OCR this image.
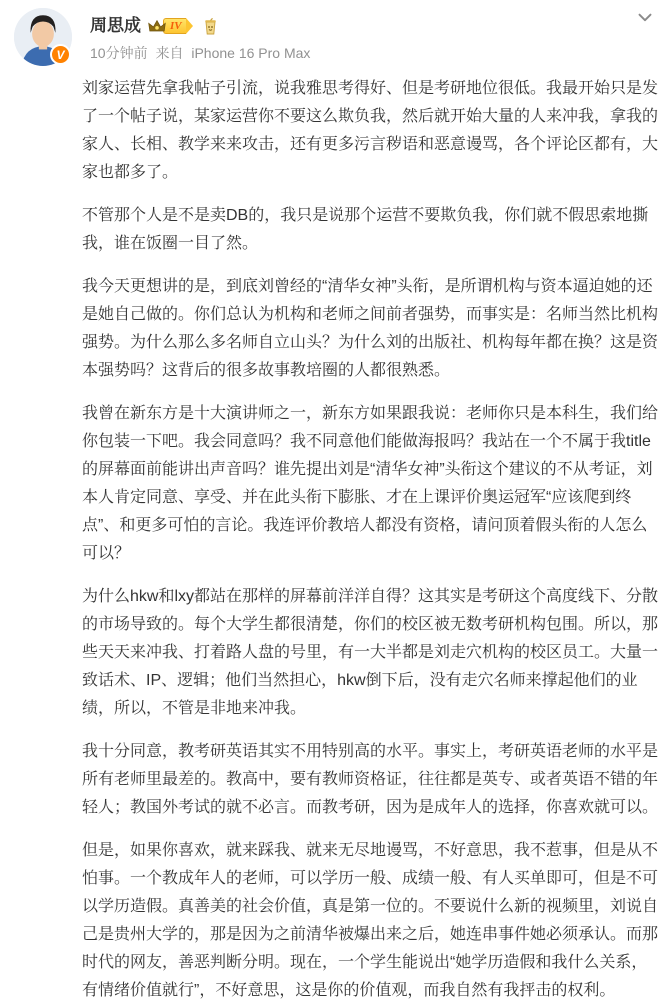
V
周思成	IV
10分钟前 来自 iPhone 16 Pro Max

刘家运营先拿我帖子引流，说我雅思考得好、但是考研地位很低。我最开始只是发了一个帖子说，某家运营你不要这么欺负我，然后就开始大量的人来冲我，拿我的家人、长相、教学来来攻击，还有更多污言秽语和恶意谩骂，各个评论区都有，大家也都多了。

不管那个人是不是卖DB的，我只是说那个运营不要欺负我，你们就不假思索地撕我，谁在饭圈一目了然。

我今天更想讲的是，到底刘曾经的“清华女神”头衔，是所谓机构与资本逼迫她的还是她自己做的。你们总认为机构和老师之间前者强势，而事实是：名师当然比机构强势。为什么那么多名师自立山头？为什么刘的出版社、机构每年都在换？这是资本强势吗？这背后的很多故事教培圈的人都很熟悉。

我曾在新东方是十大演讲师之一，新东方如果跟我说：老师你只是本科生，我们给你包装一下吧。我会同意吗？我不同意他们能做海报吗？我站在一个不属于我title的屏幕面前能讲出声音吗？谁先提出刘是“清华女神”头衔这个建议的不从考证，刘本人肯定同意、享受、并在此头衔下膨胀、才在上课评价奥运冠军“应该爬到终点”、和更多可怕的言论。我连评价教培人都没有资格，请问顶着假头衔的人怎么可以？

为什么hkw和lxy都站在那样的屏幕前洋洋自得？这其实是考研这个高度线下、分散的市场导致的。每个大学生都很清楚，你们的校区被无数考研机构包围。所以，那些天天来冲我、打着路人盘的号里，有一大半都是刘走穴机构的校区员工。大量一致话术、IP、逻辑；他们当然担心，hkw倒下后，没有走穴名师来撑起他们的业绩，所以，不管是非地来冲我。

我十分同意，教考研英语其实不用特别高的水平。事实上，考研英语老师的水平是所有老师里最差的。教高中，要有教师资格证，往往都是英专、或者英语不错的年轻人；教国外考试的就不必言。而教考研，因为是成年人的选择，你喜欢就可以。

但是，如果你喜欢，就来踩我、就来无尽地谩骂，不好意思，我不惹事，但是从不怕事。一个教成年人的老师，可以学历一般、成绩一般、有人买单即可，但是不可以学历造假。真善美的社会价值，真是第一位的。不要说什么新的视频里，刘说自己是贵州大学的，那是因为之前清华被爆出来之后，她连串事件她必须承认。而那时代的网友，善恶判断分明。现在，一个学生能说出“她学历造假和我什么关系，有情绪价值就行”，不好意思，这是你的价值观，而我自然有我抨击的权利。
